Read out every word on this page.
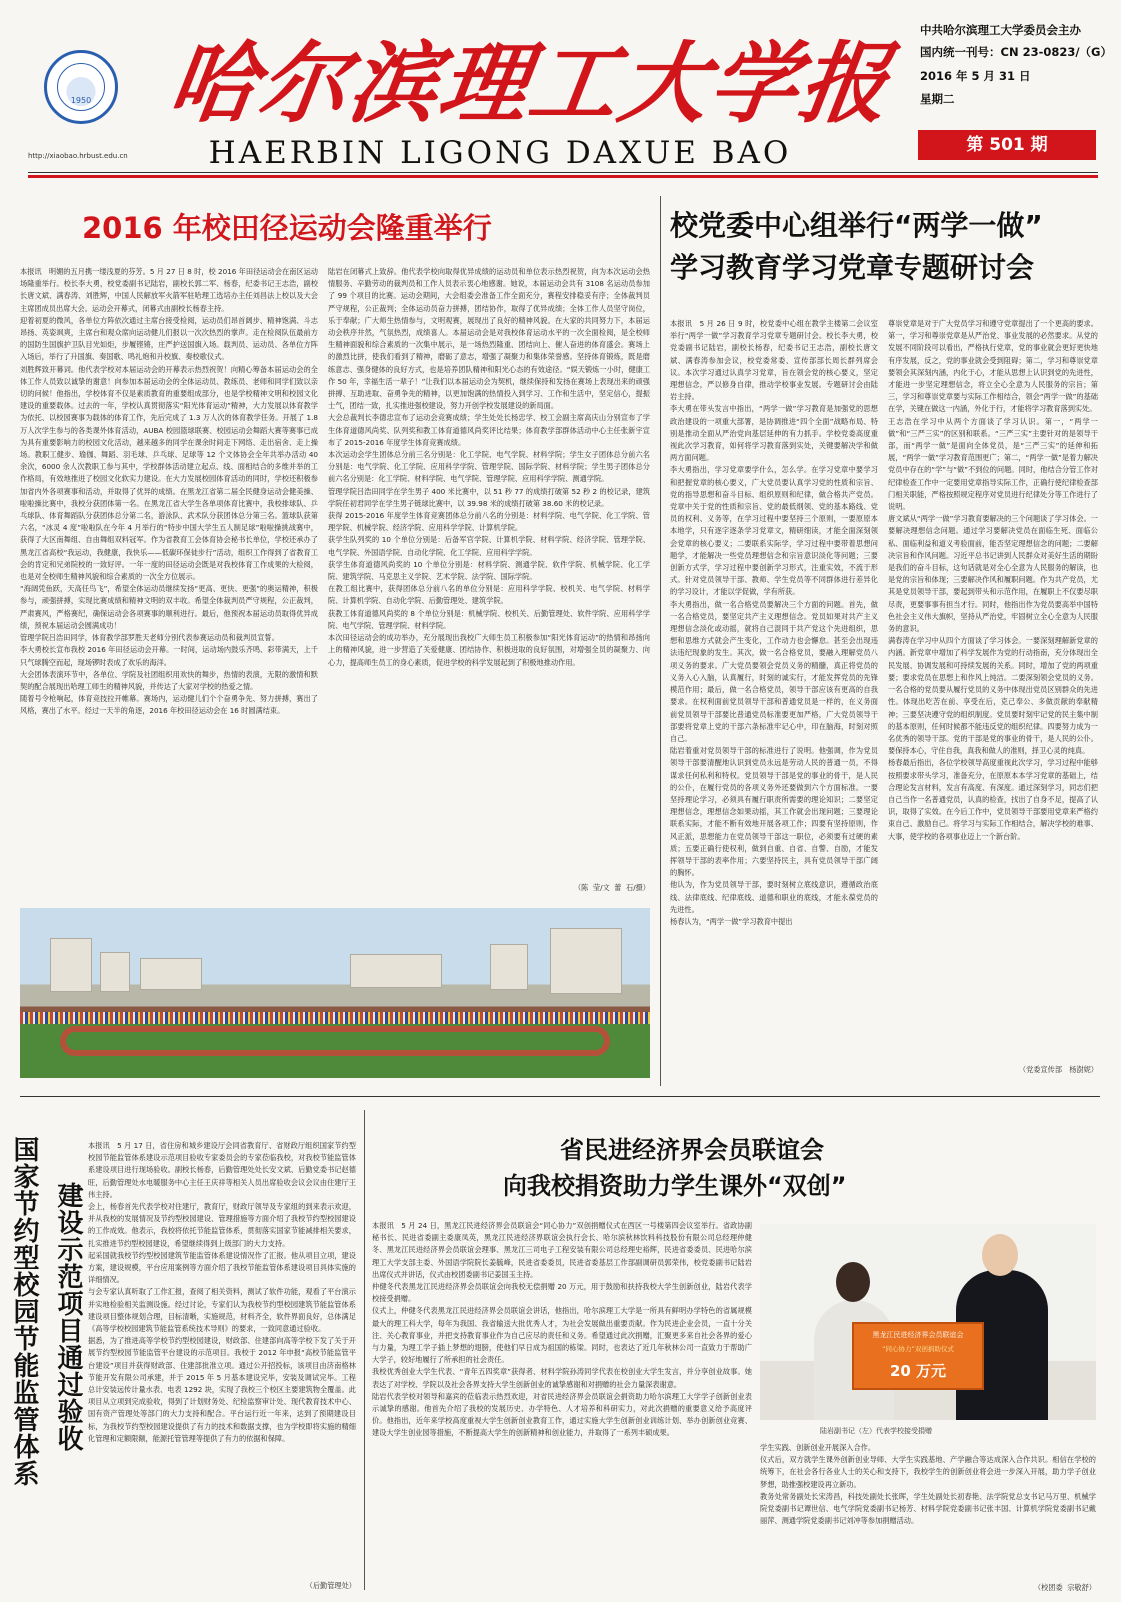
1950 哈尔滨理工大学报
HAERBIN LIGONG DAXUE BAO
http://xiaobao.hrbust.edu.cn
中共哈尔滨理工大学委员会主办
国内统一刊号：CN 23-0823/（G）
2016 年 5 月 31 日
星期二
第 501 期
2016 年校田径运动会隆重举行
本报讯　明媚的五月携一缕浅夏的芬芳。5 月 27 日 8 时，校 2016 年田径运动会在南区运动场隆重举行。校长李大勇，校党委副书记陆岩，副校长郭二军、杨春，纪委书记王志浩，副校长唐文斌、满春涛、刘胜辉，中国人民解放军火箭军驻哈理工选培办主任刘昌法上校以及大会主席团成员出席大会。运动会开幕式，闭幕式由副校长杨春主持。
迎着初夏的微风，各单位方阵依次通过主席台接受检阅，运动员们昂首阔步、精神饱满、斗志昂扬、英姿飒爽，主席台和观众席向运动健儿们报以一次次热烈的掌声。走在检阅队伍最前方的国防生国旗护卫队目光如炬，步履铿锵，庄严护送国旗入场。载判员、运动员、各单位方阵入场后，举行了升国旗、奏国歌、鸣礼炮和升校旗、奏校歌仪式。
刘胜辉致开幕词。他代表学校对本届运动会的开幕表示热烈祝贺！向精心筹备本届运动会的全体工作人员致以诚挚的谢意！向参加本届运动会的全体运动员、教练员、老师和同学们致以亲切的问候！他指出，学校体育不仅是素质教育的重要组成部分，也是学校精神文明和校园文化建设的重要载体。过去的一年，学校认真贯彻落实“阳光体育运动”精神，大力发展以体育教学为依托、以校园赛事为载体的体育工作，先后完成了 1.3 万人次的体育教学任务。开展了 1.8 万人次学生参与的各类课外体育活动，AUBA 校园篮球联赛、校园运动会舞蹈大赛等赛事已成为具有重要影响力的校园文化活动，越来越多的同学在课余时间走下网络、走出宿舍、走上操场。教职工健步、瑜伽、舞蹈、羽毛球、乒乓球、足球等 12 个文体协会全年共举办活动 40 余次，6000 余人次教职工参与其中，学校群体活动建立起点、线、面相结合的多维并举的工作格局，有效地推进了校园文化软实力建设。在大力发展校园体育活动的同时，学校还积极参加省内外各项赛事和活动，并取得了优异的成绩。在黑龙江省第二届全民健身运动会健美操、啦啦操比赛中，我校分获团体第一名。在黑龙江省大学生各单项体育比赛中，我校排球队、乒乓球队、体育舞蹈队分获团体总分第二名，游泳队、武术队分获团体总分第三名。篮球队获第六名，“冰灵 4 度”啦啦队在今年 4 月举行的“特步中国大学生五人制足球”啦啦操挑战赛中，获得了大区南舞组、自由舞组双料冠军。作为省教育工会体育协会秘书长单位，学校还承办了黑龙江省高校“我运动，我健康，我快乐——低碳环保徒步行”活动，组织工作得到了省教育工会的肯定和兄弟院校的一致好评。一年一度的田径运动会既是对我校体育工作成果的大检阅，也是对全校师生精神风貌和综合素质的一次全方位展示。
“海阔凭鱼跃，天高任鸟飞”，希望全体运动员继续发扬“更高、更快、更强”的奥运精神，积极参与，顽强拼搏，实现比赛成绩和精神文明的双丰收。希望全体裁判员严守规程，公正裁判，严肃赛风，严格赛纪，确保运动会各项赛事的顺利进行。最后，他预祝本届运动员取得优异成绩，预祝本届运动会圆满成功！
管理学院吕浩田同学，体育教学部罗胜天老师分别代表参赛运动员和裁判员宣誓。
李大勇校长宣布我校 2016 年田径运动会开幕。一时间，运动场内鼓乐齐鸣、彩带满天，上千只气球腾空而起，现场锣时表成了欢乐的海洋。
大会团体表演环节中，各单位、学院及社团组织用欢快的舞步，热情的表演，无限的激情和默契的配合展现出哈理工师生的精神风貌，并传达了大家对学校的热爱之情。
随着号令枪响起，体育竞技拉开帷幕。赛场内，运动健儿们个个奋勇争先、努力拼搏，赛出了风格，赛出了水平。经过一天半的角逐，2016 年校田径运动会在 16 时圆满结束。
陆岩在闭幕式上致辞。他代表学校向取得优异成绩的运动员和单位表示热烈祝贺，向为本次运动会热情服务、辛勤劳动的裁判员和工作人员表示衷心地感谢。她说，本届运动会共有 3108 名运动员参加了 99 个项目的比赛。运动会期间，大会组委会准备工作全面充分，赛程安排稳妥有序；全体裁判员严守规程，公正裁判；全体运动员奋力拼搏，团结协作，取得了优异成绩；全体工作人员坚守岗位，乐于奉献；广大师生热情参与，文明观赛，展现出了良好的精神风貌。在大家的共同努力下，本届运动会秩序井然，气氛热烈，成绩喜人。本届运动会是对我校体育运动水平的一次全面检阅，是全校师生精神面貌和综合素质的一次集中展示，是一场热烈隆重、团结向上、催人奋进的体育盛会。赛场上的激烈比拼，使我们看到了精神，磨砺了意志，增强了凝聚力和集体荣誉感。坚持体育锻炼，既是磨练意志、强身健体的良好方式，也是培养团队精神和阳光心态的有效途径。“娱天锻炼一小时，健康工作 50 年，幸福生活一辈子！”让我们以本届运动会为契机，继续保持和发扬在赛场上表现出来的顽强拼搏、互助进取、奋勇争先的精神，以更加饱满的热情投入到学习、工作和生活中，坚定信心，提振士气，团结一致，扎实推进强校建设，努力开创学校发展建设的新局面。
大会总裁判长李德忠宣布了运动会竞赛成绩；学生处处长杨忠学、校工会副主席高庆山分别宣布了学生体育道德风尚奖、队列奖和教工体育道德风尚奖评比结果；体育教学部群体活动中心主任张新宇宣布了 2015-2016 年度学生体育竞赛成绩。
本次运动会学生团体总分前三名分别是：化工学院、电气学院、材料学院；学生女子团体总分前六名分别是：电气学院、化工学院、应用科学学院、管理学院、国际学院、材料学院；学生男子团体总分前六名分别是：化工学院、材料学院、电气学院、管理学院、应用科学学院、测通学院。
管理学院吕浩田同学在学生男子 400 米比赛中，以 51 秒 77 的成绩打破第 52 秒 2 的校记录，建筑学院任初君同学在学生男子链球比赛中，以 39.98 米的成绩打破第 38.60 米的校记录。
获得 2015-2016 年度学生体育竞赛团体总分前八名的分别是：材料学院、电气学院、化工学院、管理学院、机械学院、经济学院、应用科学学院、计算机学院。
获学生队列奖的 10 个单位分别是：后备军官学院、计算机学院、材料学院、经济学院、管理学院、电气学院、外国语学院、自动化学院、化工学院、应用科学学院。
获学生体育道德风尚奖的 10 个单位分别是：材料学院、测通学院、软件学院、机械学院、化工学院、建筑学院、马克思主义学院、艺术学院、法学院、国际学院。
在教工组比赛中，获得团体总分前八名的单位分别是：应用科学学院、校机关、电气学院、材料学院、计算机学院、自动化学院、后勤管理处、建筑学院。
获教工体育道德风尚奖的 8 个单位分别是：机械学院、校机关、后勤管理处、软件学院、应用科学学院、电气学院、管理学院、材料学院。
本次田径运动会的成功举办，充分展现出我校广大师生员工积极参加“阳光体育运动”的热情和昂扬向上的精神风貌，进一步营造了关爱健康、团结协作、积极进取的良好氛围，对增强全员的凝聚力、向心力，提高师生员工的身心素质，促进学校的科学发展起到了积极地推动作用。
（陈  莹/文  蕾  石/摄）
校党委中心组举行“两学一做”
学习教育学习党章专题研讨会
本报讯　5 月 26 日 9 时，校党委中心组在教学主楼第二会议室举行“两学一做”学习教育学习党章专题研讨会。校长李大勇，校党委副书记陆岩，副校长杨春，纪委书记王志浩，副校长唐文斌、满春涛参加会议，校党委常委、宣传部部长周长群列席会议。本次学习通过认真学习党章，旨在领会党的核心要义，坚定理想信念，严以修身自律，推动学校事业发展。专题研讨会由陆岩主持。
李大勇在带头发言中指出，“两学一做”学习教育是加强党的思想政治建设的一项重大部署，是协调推进“四个全面”战略布局、特别是推动全面从严治党向基层延伸的有力抓手。学校党委高度重视此次学习教育，如何将学习教育落到实处，关键要解决学和做两方面问题。
李大勇指出，学习党章要学什么，怎么学。在学习党章中要学习和把握党章的核心要义，广大党员要认真学习党的性质和宗旨、党的指导思想和奋斗目标、组织原则和纪律，做合格共产党员。党章中关于党的性质和宗旨、党的最低纲领、党的基本路线、党员的权利、义务等，在学习过程中要坚持三个原则，一要原原本本地学，只有逐字逐条学习党章文，精研细读，才能全面深刻领会党章的核心要义；二要联系实际学，学习过程中要带着思想问题学，才能解决一些党员理想信念和宗旨意识淡化等问题；三要创新方式学，学习过程中要创新学习形式，注重实效，不流于形式。针对党员领导干部、教师、学生党员等不同群体进行差异化的学习设计，才能以学促做，学有所获。
李大勇指出，做一名合格党员要解决三个方面的问题。首先，做一名合格党员，要坚定共产主义理想信念。党员如果对共产主义理想信念淡化或动摇，就将自己混同于共产党这个先进组织，思想和思维方式就会产生变化，工作动力也会懈怠。甚至会出现违法违纪现象的发生。其次，做一名合格党员，要融入理解党员八项义务的要求。广大党员要领会党员义务的精髓，真正将党员的义务入心入脑，认真履行，时刻的诚实行，才能发挥党员的先锋模范作用；最后，做一名合格党员，领导干部应该有更高的自我要求。在权利面前党员领导干部和普通党员是一样的，在义务面前党员领导干部要比普通党员标准要更加严格，广大党员领导干部要将党章上党的干部六条标准牢记心中，印在脑海，时刻对照自己。
陆岩着重对党员领导干部的标准进行了说明。他强调，作为党员领导干部要清醒地认识到党员永远是劳动人民的普通一员，不得谋求任何私利和特权。党员领导干部是党的事业的骨干，是人民的公仆，在履行党员的各项义务外还要做到六个方面标准。一要坚持理论学习，必须具有履行职责所需要的理论知识；二要坚定理想信念，理想信念如果动摇，其工作就会出现问题；三要理论联系实际，才能不断有效地开展各项工作；四要有坚持原则，作风正派，思想能力在党员领导干部这一职位，必须要有过硬的素质；五要正确行使权利，做到自重、自省、自警、自励，才能发挥领导干部的表率作用；六要坚持民主，具有党员领导干部广阔的胸怀。
他认为，作为党员领导干部，要时刻树立底线意识，遵循政治底线、法律底线、纪律底线、道德和职业的底线，才能永葆党员的先进性。
杨春认为，“两学一做”学习教育中提出
尊崇党章是对于广大党员学习和遵守党章提出了一个更高的要求。第一，学习和尊崇党章是从严治党、事业发展的必然要求。从党的发展不同阶段可以看出，严格执行党章，党的事业就会更好更快地有序发展，反之，党的事业就会受到阻碍；第二，学习和尊崇党章要领会其深刻内涵，内化于心，才能从思想上认识到党的先进性，才能进一步坚定理想信念，将立全心全意为人民服务的宗旨；第三，学习和尊崇党章要与实际工作相结合，领会“两学一做”的基础在学，关键在做这一内涵，外化于行，才能将学习教育落到实处。
王志浩在学习中从两个方面谈了学习认识。第一，“两学一做”和“三严三实”的区别和联系。“三严三实”主要针对的是领导干部，而“两学一做”是面向全体党员，是“三严三实”的延伸和拓展，“两学一做”学习教育范围更广；第二，“两学一做”是着力解决党员中存在的“学”与“做”不到位的问题。同时，他结合分管工作对纪律检查工作中一定要用党章指导实际工作，正确行使纪律检查部门相关职能，严格按照规定程序对党员进行纪律处分等工作进行了说明。
唐文斌从“两学一做”学习教育要解决的三个问题谈了学习体会。一要解决理想信念问题。通过学习要解决党员在面临生死、面临公私、面临利益和道义考验面前，能否坚定理想信念的问题；二要解决宗旨和作风问题。习近平总书记讲到人民群众对美好生活的期盼是我们的奋斗目标，这句话就是对全心全意为人民服务的解读，也是党的宗旨和体现；三要解决作风和履职问题。作为共产党员，尤其是党员领导干部，要起到带头和示范作用，在履职上不仅要尽职尽责，更要事事有担当才行。同时，他指出作为党员要高举中国特色社会主义伟大旗帜，坚持从严治党，牢固树立全心全意为人民服务的意识。
满春涛在学习中从四个方面谈了学习体会。一要深刻理解新党章的内涵。新党章中增加了科学发展作为党的行动指南，充分体现出全民发展、协调发展和可持续发展的关系。同时，增加了党的两项重要；要求党员在思想上和作风上纯洁。二要深刻领会党员的义务。一名合格的党员要从履行党员的义务中体现出党员区别群众的先进性。体现出吃苦在前、享受在后，克己奉公、多做贡献的奉献精神；三要坚决遵守党的组织制度。党员要时刻牢记党的民主集中制的基本原则，任何时候都不能违反党的组织纪律。四要努力成为一名优秀的领导干部。党的干部是党的事业的骨干，是人民的公仆。要保持本心，守住自我，真我和做人的准则，择卫心灵的纯真。
杨春最后指出，各位学校领导高度重视此次学习，学习过程中能够按照要求带头学习，准备充分，在原原本本学习党章的基础上，结合理论发言材料，发言有高度、有深度。通过深刻学习，同志们把自己当作一名普通党员，认真的检查，找出了自身不足，提高了认识，取得了实效。在今后工作中，党员领导干部要用党章来严格约束自己、激励自己。将学习与实际工作相结合，解决学校的难事、大事，使学校的各项事业迈上一个新台阶。
（党委宣传部　杨澍妮）
国家节约型校园节能监管体系 建设示范项目通过验收
本报讯　5 月 17 日，省住房和城乡建设厅会同省教育厅、省财政厅组织国家节约型校园节能监管体系建设示范项目验收专家委员会的专家莅临我校，对我校节能监管体系建设项目进行现场验收。副校长杨春，后勤管理处处长安文斌、后勤党委书记赵德旺，后勤管理处水电暖服务中心主任王庆祥等相关人员出席验收会议会议由住建厅王伟主持。
会上，杨春首先代表学校对住建厅，教育厅，财政厅领导及专家组的到来表示欢迎，并从我校的发展情况及节约型校园建设、管理措施等方面介绍了我校节约型校园建设的工作成效。他表示，我校将依托节能监管体系，贯彻落实国家节能减排相关要求，扎实推进节约型校园建设，希望继续得到上级部门的大力支持。
起采国就我校节约型校园建筑节能监管体系建设情况作了汇报。他从项目立项，建设方案，建设规模，平台应用案例等方面介绍了我校节能监管体系建设项目具体实施的详细情况。
与会专家认真听取了工作汇报，查阅了相关资料，测试了软件功能，观看了平台演示并实地检验相关监测设施。经过讨论，专家们认为我校节约型校园建筑节能监管体系建设项目整体规划合理，目标清晰，实施规范，材料齐全，软件界面良好，总体满足《高等学校校园建筑节能监管系统技术导则》的要求，一致同意通过验收。
据悉，为了推进高等学校节约型校园建设，财政部、住建部向高等学校下发了关于开展节约型校园节能监管平台建设的示范项目。我校于 2012 年申报“高校节能监管平台建设”项目并获得财政部、住建部批准立项。通过公开招投标，该项目由济南格林节能开发有限公司承建，并于 2015 年 5 月基本建设完毕，安装及调试完毕。工程总计安装远传计量水表、电表 1292 块，实现了我校三个校区主要建筑物全覆盖。此项目从立项到完成验收，得到了计划财务处、纪检监察审计处、现代教育技术中心、国有资产管理处等部门的大力支持和配合。平台运行近一年来，达到了预期建设目标，为我校节约型校园建设提供了有力的技术和数据支撑，也为学校即将实施的精细化管理和定额限额，能源托管管理等提供了有力的依据和保障。
（后勤管理处）
省民进经济界会员联谊会
向我校捐资助力学生课外“双创”
本报讯　5 月 24 日，黑龙江民进经济界会员联谊会“同心协力”双创捐赠仪式在西区一号楼第四会议室举行。省政协副秘书长、民进省委副主委康凤英，黑龙江民进经济界联谊会执行会长、哈尔滨秋林饮料科技股份有限公司总经理仲健冬、黑龙江民进经济界会员联谊会理事、黑龙江三司电子工程安装有限公司总经理史裕辉，民进省委委员、民进哈尔滨理工大学支部主委、外国语学院院长姜毓峰，民进省委委员，民进省委基层工作部副调研员郭荣伟，校党委副书记陆岩出席仪式并讲话，仪式由校团委副书记姜国玉主持。
仲健冬代表黑龙江民进经济界会员联谊会向我校无偿捐赠 20 万元，用于鼓励和扶持我校大学生创新创业，陆岩代表学校接受捐赠。
仪式上，仲健冬代表黑龙江民进经济界会员联谊会讲话，他指出，哈尔滨理工大学是一所具有鲜明办学特色的省属规模最大的理工科大学，每年为我国、我省输送大批优秀人才，为社会发展做出重要贡献。作为民进企业会员，一直十分关注、关心教育事业，并把支持教育事业作为自己应尽的责任和义务。希望通过此次捐赠，汇聚更多来自社会各界的爱心与力量，为理工学子插上梦想的翅膀，使他们早日成为祖国的栋梁。同时，也表达了近几年秋林公司一直致力于帮助广大学子，较好地履行了所承担的社会责任。
我校优秀创业大学生代表、“青年五四奖章”获得者、材料学院孙涛同学代表在校创业大学生发言，并分享创业故事。她表达了对学校、学院以及社会各界支持大学生创新创业的诚挚感谢和对捐赠的社会力量深表谢意。
陆岩代表学校对领导和嘉宾的莅临表示热烈欢迎，对省民进经济界会员联谊会捐资助力哈尔滨理工大学学子创新创业表示诚挚的感谢。他首先介绍了我校的发展历史、办学特色、人才培养和科研实力，对此次捐赠的重要意义给予高度评价。他指出，近年来学校高度重视大学生创新创业教育工作，通过实施大学生创新创业训练计划、举办创新创业竞赛、建设大学生创业园等措施，不断提高大学生的创新精神和创业能力，并取得了一系列丰硕成果。
黑龙江民进经济界会员联谊会
“同心协力”双创捐助仪式
20 万元
陆岩副书记（左）代表学校接受捐赠
学生实践、创新创业开展深入合作。
仪式后，双方就学生课外创新创业导师、大学生实践基地、产学融合等达成深入合作共识。相信在学校的统筹下，在社会各行各业人士的关心和支持下，我校学生的创新创业将会进一步深入开展，助力学子创业梦想，助推强校建设再立新功。
教务处常务副处长宋涛昌，科技处副处长张晖，学生处副处长初春艳、法学院党总支书记马万里、机械学院党委副书记谭世信、电气学院党委副书记杨芳、材料学院党委副书记张丰国、计算机学院党委副书记戴丽萍、测通学院党委副书记刘冲等参加捐赠活动。
（校团委  宗敬舒）
